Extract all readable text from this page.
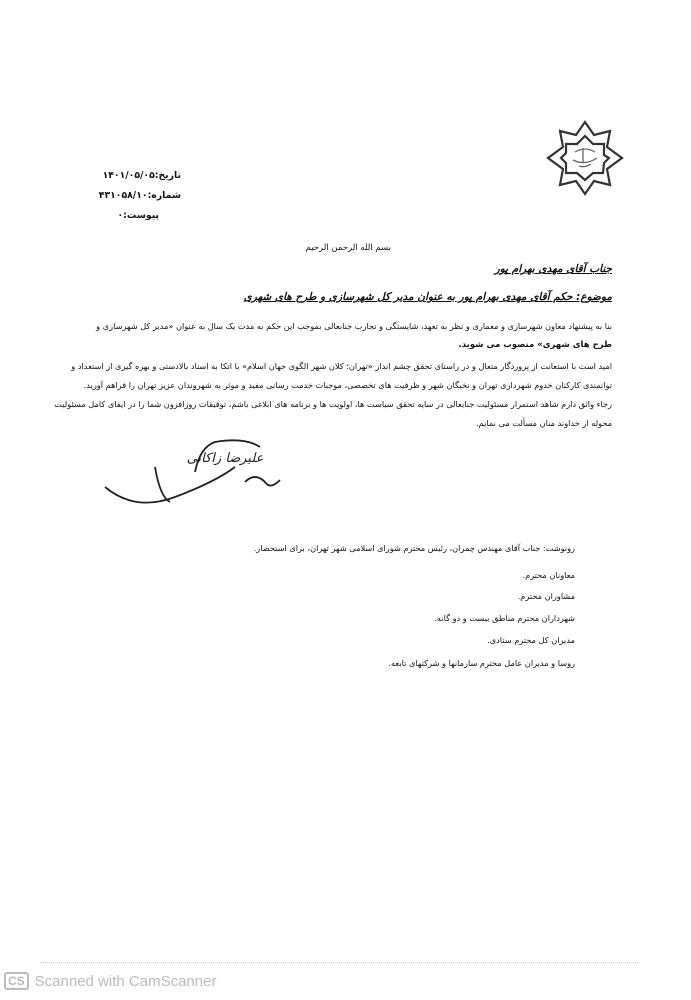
تاریخ:۱۴۰۱/۰۵/۰۵
شماره:۴۳۱۰۵۸/۱۰
پیوست:۰
بسم الله الرحمن الرحیم
جناب آقای مهدی بهرام پور
موضوع: حکم آقای مهدی بهرام پور به عنوان مدیر کل شهرسازی و طرح های شهری
بنا به پیشنهاد معاون شهرسازی و معماری و نظر به تعهد، شایستگی و تجارب جنابعالی بموجب این حکم به مدت یک سال به عنوان «مدیر کل شهرسازی و
طرح های شهری» منصوب می شوید.
امید است با استعانت از پروردگار متعال و در راستای تحقق چشم انداز «تهران؛ کلان شهر الگوی جهان اسلام» با اتکا به اسناد بالادستی و بهره گیری از استعداد و
توانمندی کارکنان خدوم شهرداری تهران و نخبگان شهر و ظرفیت های تخصصی، موجبات خدمت رسانی مفید و موثر به شهروندان عزیز تهران را فراهم آورید.
رجاء واثق دارم شاهد استمرار مسئولیت جنابعالی در سایه تحقق سیاست ها، اولویت ها و برنامه های ابلاغی باشم، توفیقات روزافزون شما را در ایفای کامل مسئولیت
محوله از خداوند منان مسألت می نمایم.
علیرضا زاکانی
رونوشت: جناب آقای مهندس چمران، رئیس محترم شورای اسلامی شهر تهران، برای استحضار.
معاونان محترم.
مشاوران محترم.
شهرداران محترم مناطق بیست و دو گانه.
مدیران کل محترم ستادی.
روسا و مدیران عامل محترم سازمانها و شرکتهای تابعه.
CS Scanned with CamScanner
